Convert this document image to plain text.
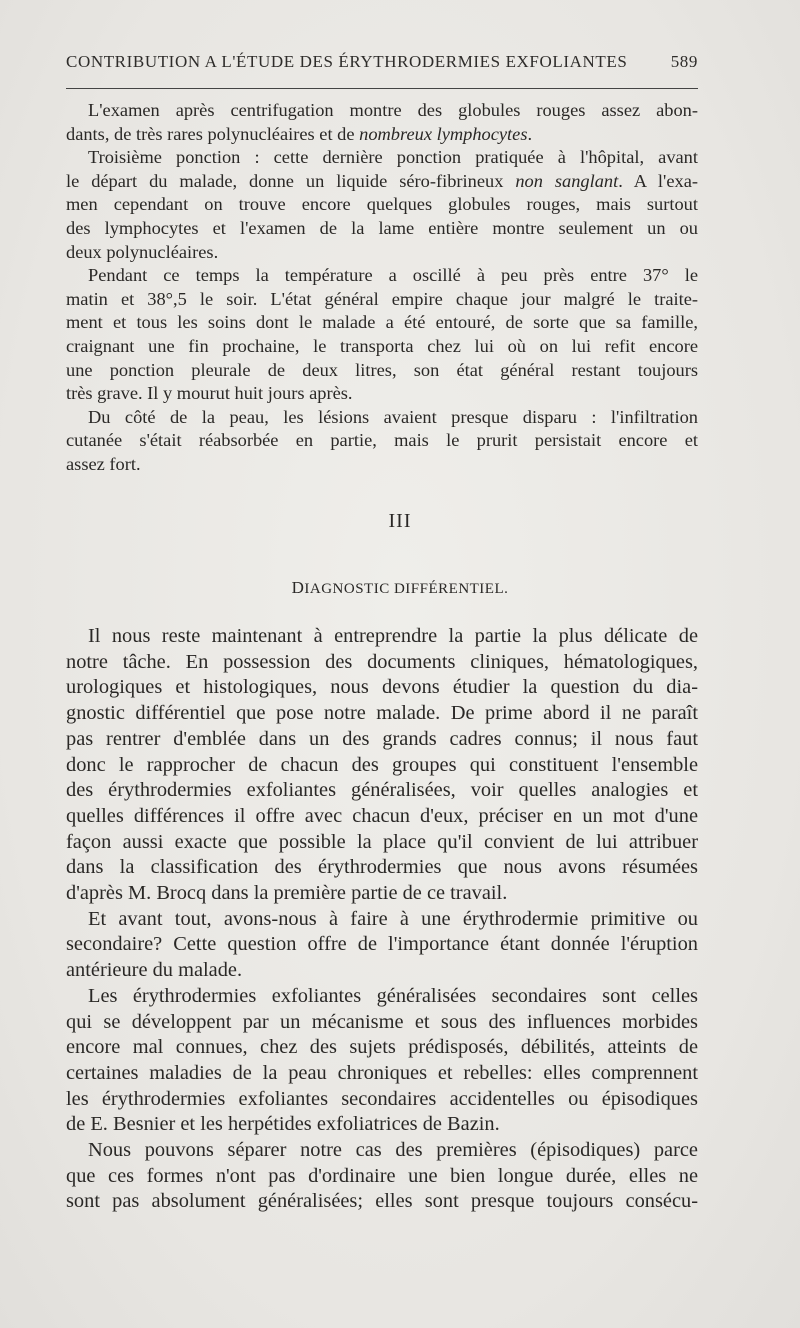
CONTRIBUTION A L'ÉTUDE DES ÉRYTHRODERMIES EXFOLIANTES	589
L'examen après centrifugation montre des globules rouges assez abon-
dants, de très rares polynucléaires et de nombreux lymphocytes.
Troisième ponction : cette dernière ponction pratiquée à l'hôpital, avant
le départ du malade, donne un liquide séro-fibrineux non sanglant. A l'exa-
men cependant on trouve encore quelques globules rouges, mais surtout
des lymphocytes et l'examen de la lame entière montre seulement un ou
deux polynucléaires.
Pendant ce temps la température a oscillé à peu près entre 37° le
matin et 38°,5 le soir. L'état général empire chaque jour malgré le traite-
ment et tous les soins dont le malade a été entouré, de sorte que sa famille,
craignant une fin prochaine, le transporta chez lui où on lui refit encore
une ponction pleurale de deux litres, son état général restant toujours
très grave. Il y mourut huit jours après.
Du côté de la peau, les lésions avaient presque disparu : l'infiltration
cutanée s'était réabsorbée en partie, mais le prurit persistait encore et
assez fort.
III
DIAGNOSTIC DIFFÉRENTIEL.
Il nous reste maintenant à entreprendre la partie la plus délicate de
notre tâche. En possession des documents cliniques, hématologiques,
urologiques et histologiques, nous devons étudier la question du dia-
gnostic différentiel que pose notre malade. De prime abord il ne paraît
pas rentrer d'emblée dans un des grands cadres connus; il nous faut
donc le rapprocher de chacun des groupes qui constituent l'ensemble
des érythrodermies exfoliantes généralisées, voir quelles analogies et
quelles différences il offre avec chacun d'eux, préciser en un mot d'une
façon aussi exacte que possible la place qu'il convient de lui attribuer
dans la classification des érythrodermies que nous avons résumées
d'après M. Brocq dans la première partie de ce travail.
Et avant tout, avons-nous à faire à une érythrodermie primitive ou
secondaire? Cette question offre de l'importance étant donnée l'éruption
antérieure du malade.
Les érythrodermies exfoliantes généralisées secondaires sont celles
qui se développent par un mécanisme et sous des influences morbides
encore mal connues, chez des sujets prédisposés, débilités, atteints de
certaines maladies de la peau chroniques et rebelles: elles comprennent
les érythrodermies exfoliantes secondaires accidentelles ou épisodiques
de E. Besnier et les herpétides exfoliatrices de Bazin.
Nous pouvons séparer notre cas des premières (épisodiques) parce
que ces formes n'ont pas d'ordinaire une bien longue durée, elles ne
sont pas absolument généralisées; elles sont presque toujours consécu-
